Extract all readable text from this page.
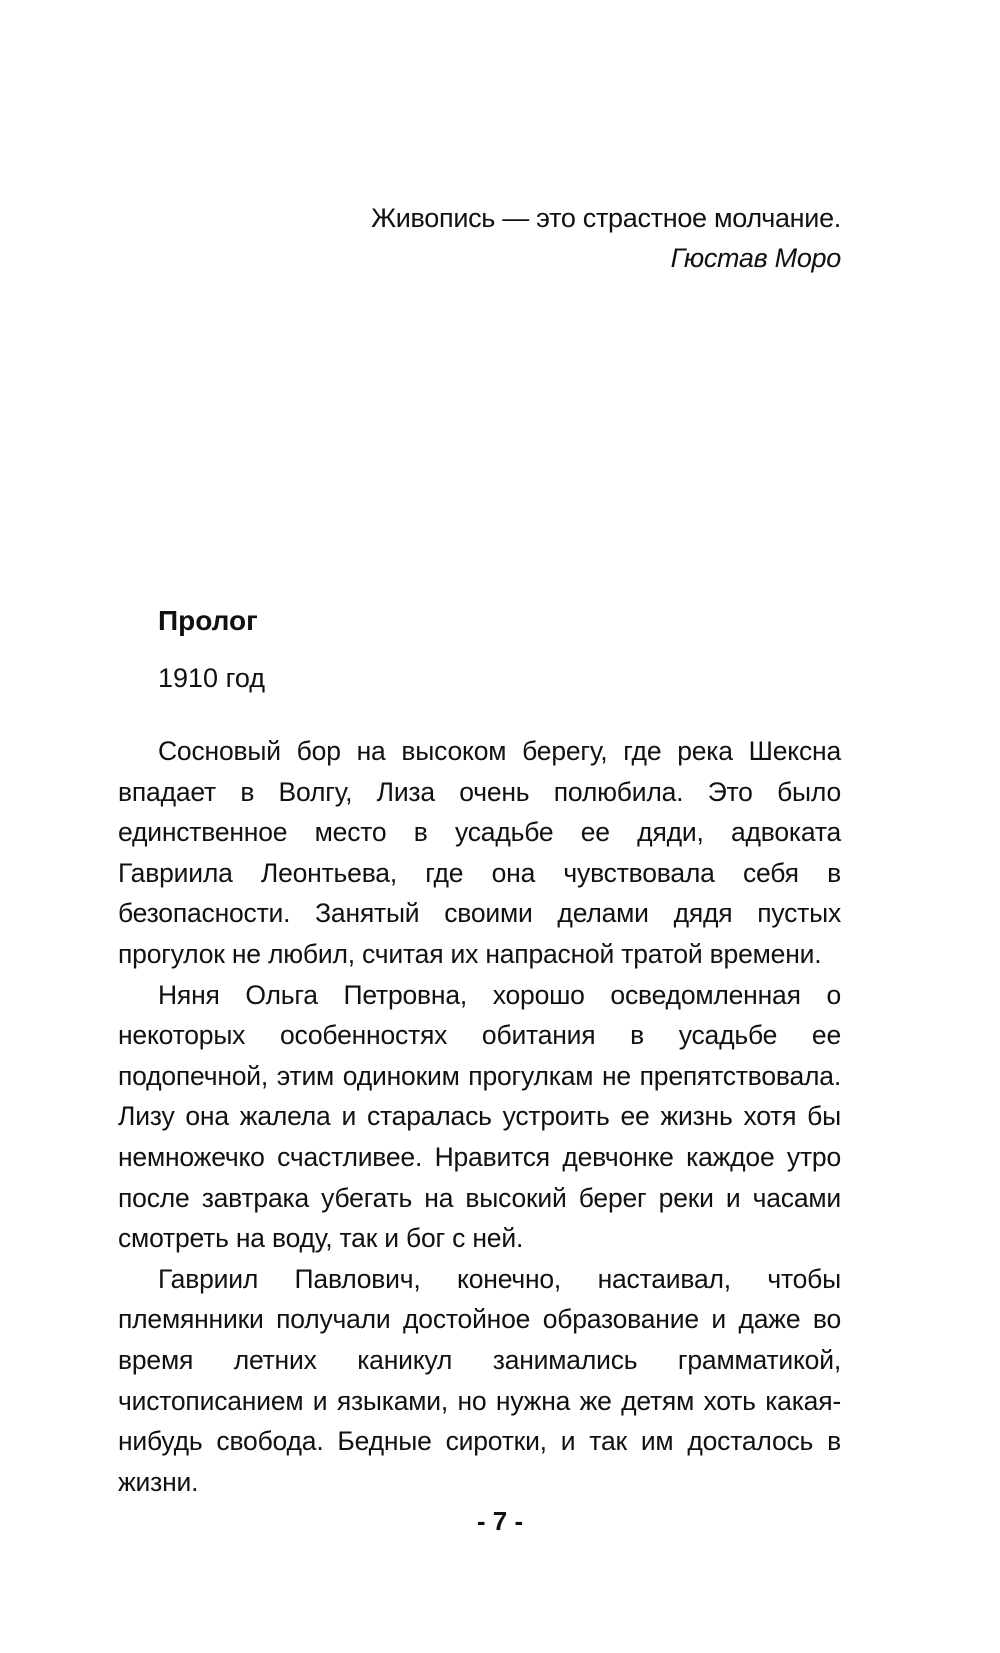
Живопись — это страстное молчание.
Гюстав Моро
Пролог
1910 год

Сосновый бор на высоком берегу, где река Шексна впадает в Волгу, Лиза очень полюбила. Это было единственное место в усадьбе ее дяди, адвоката Гавриила Леонтьева, где она чувствовала себя в безопасности. Занятый своими делами дядя пустых прогулок не любил, считая их напрасной тратой времени.

Няня Ольга Петровна, хорошо осведомленная о некоторых особенностях обитания в усадьбе ее подопечной, этим одиноким прогулкам не препятствовала. Лизу она жалела и старалась устроить ее жизнь хотя бы немножечко счастливее. Нравится девчонке каждое утро после завтрака убегать на высокий берег реки и часами смотреть на воду, так и бог с ней.

Гавриил Павлович, конечно, настаивал, чтобы племянники получали достойное образование и даже во время летних каникул занимались грамматикой, чистописанием и языками, но нужна же детям хоть какая-нибудь свобода. Бедные сиротки, и так им досталось в жизни.

- 7 -
